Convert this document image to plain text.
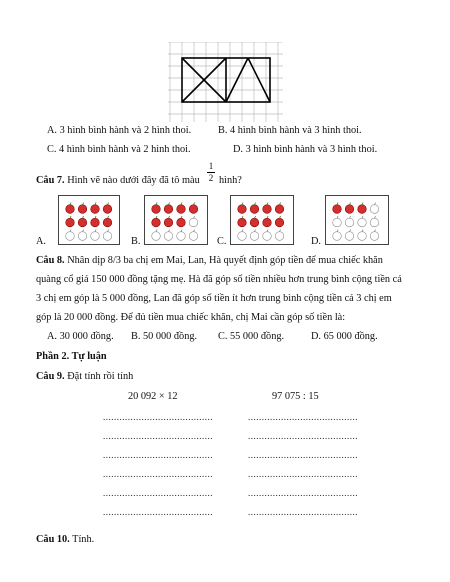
A. 3 hình bình hành và 2 hình thoi.	B. 4 hình bình hành và 3 hình thoi.
C. 4 hình bình hành và 2 hình thoi.	D. 3 hình bình hành và 3 hình thoi.
Câu 7. Hình vẽ nào dưới đây đã tô màu $\frac{1}{2}$ hình?
A.	B.	C.	D.
Câu 8. Nhân dịp 8/3 ba chị em Mai, Lan, Hà quyết định góp tiền để mua chiếc khăn
quàng cổ giá 150 000 đồng tặng mẹ. Hà đã góp số tiền nhiều hơn trung bình cộng tiền cả
3 chị em góp là 5 000 đồng, Lan đã góp số tiền ít hơn trung bình cộng tiền cả 3 chị em
góp là 20 000 đồng. Để đủ tiền mua chiếc khăn, chị Mai cần góp số tiền là:
A. 30 000 đồng. B. 50 000 đồng. C. 55 000 đồng.	D. 65 000 đồng.
Phần 2. Tự luận
Câu 9. Đặt tính rồi tính
20 092 × 12	97 075 : 15
........................................
........................................
........................................
........................................
........................................
........................................
........................................
........................................
........................................
........................................
........................................
........................................
Câu 10. Tính.
